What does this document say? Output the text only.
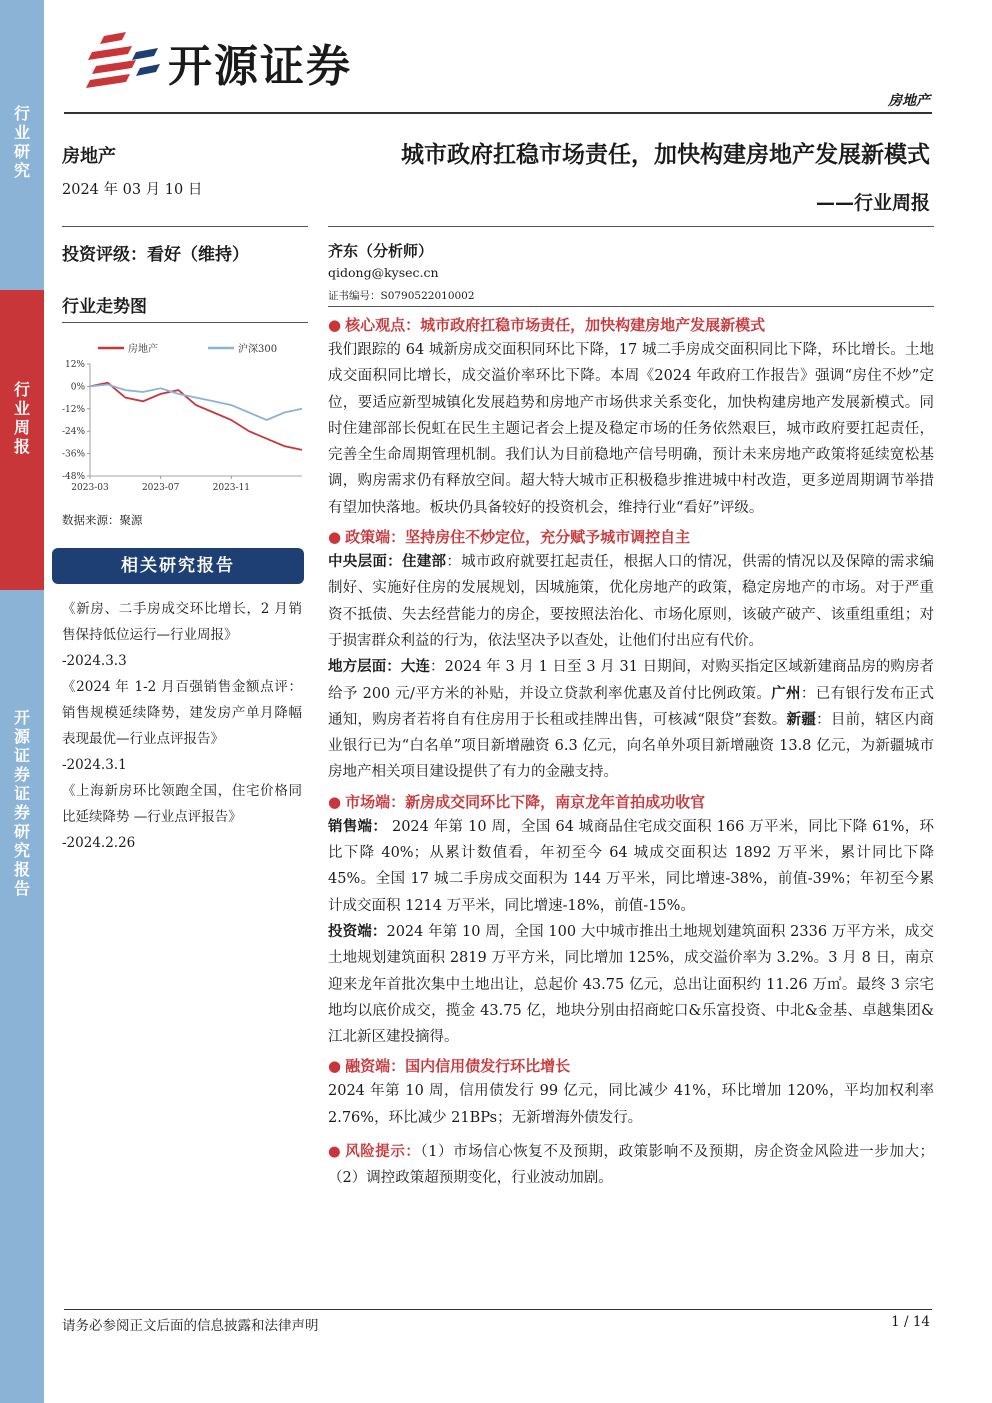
行业研究
行业周报
开源证券 证券研究报告
开源证券
房地产
房地产
2024 年 03 月 10 日
投资评级：看好（维持）
行业走势图
房地产	沪深300
12%
0%
-12%
-24%
-36%
-48%
2023-03	2023-07	2023-11
数据来源：聚源
相关研究报告
《新房、二手房成交环比增长，2 月销售保持低位运行—行业周报》
-2024.3.3
《2024 年 1-2 月百强销售金额点评：销售规模延续降势，建发房产单月降幅表现最优—行业点评报告》
-2024.3.1
《上海新房环比领跑全国，住宅价格同比延续降势 —行业点评报告》
-2024.2.26
城市政府扛稳市场责任，加快构建房地产发展新模式
——行业周报
齐东（分析师）
qidong@kysec.cn
证书编号：S0790522010002
● 核心观点：城市政府扛稳市场责任，加快构建房地产发展新模式
我们跟踪的 64 城新房成交面积同环比下降，17 城二手房成交面积同比下降，环比增长。土地成交面积同比增长，成交溢价率环比下降。本周《2024 年政府工作报告》强调“房住不炒”定位，要适应新型城镇化发展趋势和房地产市场供求关系变化，加快构建房地产发展新模式。同时住建部部长倪虹在民生主题记者会上提及稳定市场的任务依然艰巨，城市政府要扛起责任，完善全生命周期管理机制。我们认为目前稳地产信号明确，预计未来房地产政策将延续宽松基调，购房需求仍有释放空间。超大特大城市正积极稳步推进城中村改造，更多逆周期调节举措有望加快落地。板块仍具备较好的投资机会，维持行业“看好”评级。
● 政策端：坚持房住不炒定位，充分赋予城市调控自主
中央层面：住建部：城市政府就要扛起责任，根据人口的情况，供需的情况以及保障的需求编制好、实施好住房的发展规划，因城施策，优化房地产的政策，稳定房地产的市场。对于严重资不抵债、失去经营能力的房企，要按照法治化、市场化原则，该破产破产、该重组重组；对于损害群众利益的行为，依法坚决予以查处，让他们付出应有代价。
地方层面：大连：2024 年 3 月 1 日至 3 月 31 日期间，对购买指定区域新建商品房的购房者给予 200 元/平方米的补贴，并设立贷款利率优惠及首付比例政策。广州：已有银行发布正式通知，购房者若将自有住房用于长租或挂牌出售，可核减“限贷”套数。新疆：目前，辖区内商业银行已为“白名单”项目新增融资 6.3 亿元，向名单外项目新增融资 13.8 亿元，为新疆城市房地产相关项目建设提供了有力的金融支持。
● 市场端：新房成交同环比下降，南京龙年首拍成功收官
销售端： 2024 年第 10 周，全国 64 城商品住宅成交面积 166 万平米，同比下降 61%，环比下降 40%；从累计数值看，年初至今 64 城成交面积达 1892 万平米，累计同比下降 45%。全国 17 城二手房成交面积为 144 万平米，同比增速-38%，前值-39%；年初至今累计成交面积 1214 万平米，同比增速-18%，前值-15%。
投资端：2024 年第 10 周，全国 100 大中城市推出土地规划建筑面积 2336 万平方米，成交土地规划建筑面积 2819 万平方米，同比增加 125%，成交溢价率为 3.2%。3 月 8 日，南京迎来龙年首批次集中土地出让，总起价 43.75 亿元，总出让面积约 11.26 万㎡。最终 3 宗宅地均以底价成交，揽金 43.75 亿，地块分别由招商蛇口&乐富投资、中北&金基、卓越集团&江北新区建投摘得。
● 融资端：国内信用债发行环比增长
2024 年第 10 周，信用债发行 99 亿元，同比减少 41%，环比增加 120%，平均加权利率 2.76%，环比减少 21BPs；无新增海外债发行。
● 风险提示：（1）市场信心恢复不及预期，政策影响不及预期，房企资金风险进一步加大；（2）调控政策超预期变化，行业波动加剧。
请务必参阅正文后面的信息披露和法律声明	1 / 14
